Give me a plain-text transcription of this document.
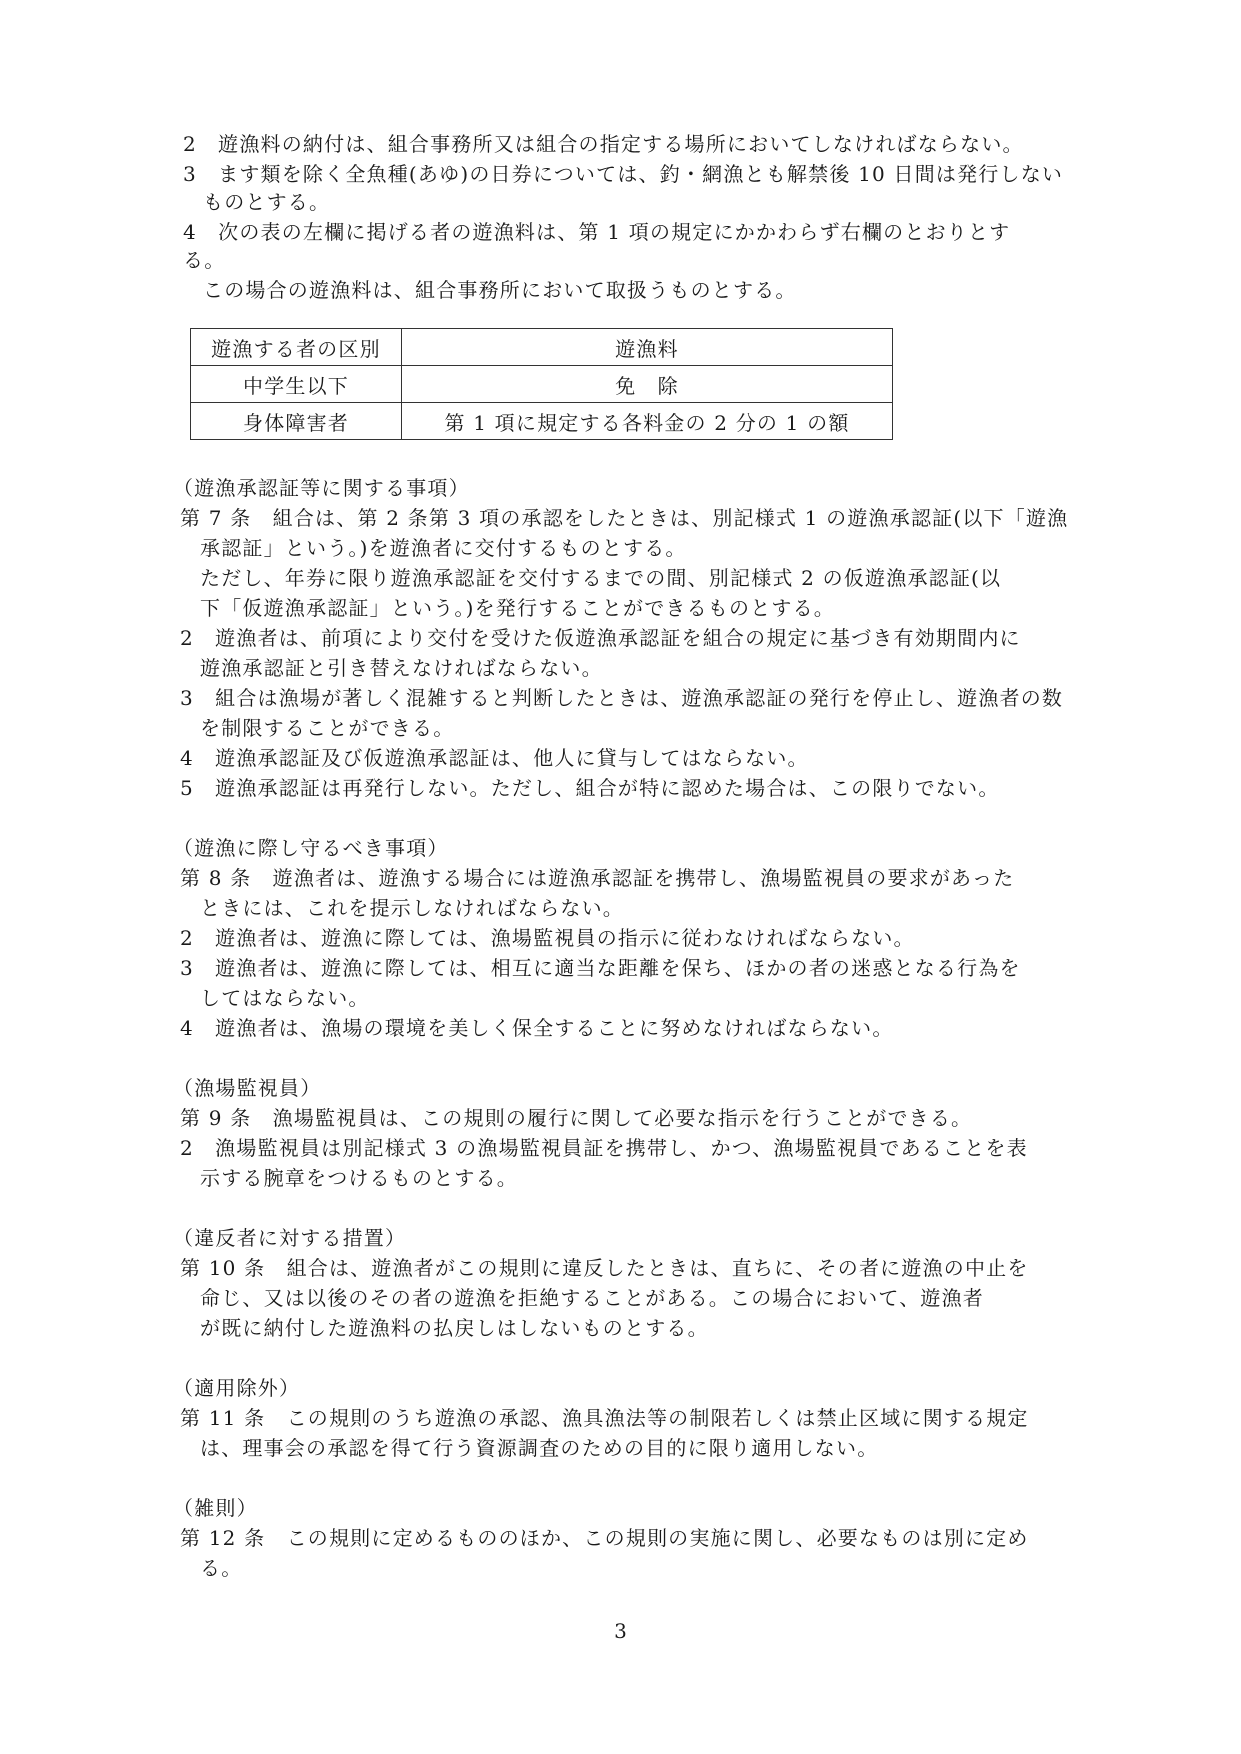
2　遊漁料の納付は、組合事務所又は組合の指定する場所においてしなければならない。
3　ます類を除く全魚種(あゆ)の日券については、釣・網漁とも解禁後 10 日間は発行しない
ものとする。
4　次の表の左欄に掲げる者の遊漁料は、第 1 項の規定にかかわらず右欄のとおりとす
る。
この場合の遊漁料は、組合事務所において取扱うものとする。
遊漁する者の区別	遊漁料
中学生以下	免　除
身体障害者	第 1 項に規定する各料金の 2 分の 1 の額
（遊漁承認証等に関する事項）
第 7 条　組合は、第 2 条第 3 項の承認をしたときは、別記様式 1 の遊漁承認証(以下「遊漁
承認証」という。)を遊漁者に交付するものとする。
ただし、年券に限り遊漁承認証を交付するまでの間、別記様式 2 の仮遊漁承認証(以
下「仮遊漁承認証」という。)を発行することができるものとする。
2　遊漁者は、前項により交付を受けた仮遊漁承認証を組合の規定に基づき有効期間内に
遊漁承認証と引き替えなければならない。
3　組合は漁場が著しく混雑すると判断したときは、遊漁承認証の発行を停止し、遊漁者の数
を制限することができる。
4　遊漁承認証及び仮遊漁承認証は、他人に貸与してはならない。
5　遊漁承認証は再発行しない。ただし、組合が特に認めた場合は、この限りでない。
（遊漁に際し守るべき事項）
第 8 条　遊漁者は、遊漁する場合には遊漁承認証を携帯し、漁場監視員の要求があった
ときには、これを提示しなければならない。
2　遊漁者は、遊漁に際しては、漁場監視員の指示に従わなければならない。
3　遊漁者は、遊漁に際しては、相互に適当な距離を保ち、ほかの者の迷惑となる行為を
してはならない。
4　遊漁者は、漁場の環境を美しく保全することに努めなければならない。
（漁場監視員）
第 9 条　漁場監視員は、この規則の履行に関して必要な指示を行うことができる。
2　漁場監視員は別記様式 3 の漁場監視員証を携帯し、かつ、漁場監視員であることを表
示する腕章をつけるものとする。
（違反者に対する措置）
第 10 条　組合は、遊漁者がこの規則に違反したときは、直ちに、その者に遊漁の中止を
命じ、又は以後のその者の遊漁を拒絶することがある。この場合において、遊漁者
が既に納付した遊漁料の払戻しはしないものとする。
（適用除外）
第 11 条　この規則のうち遊漁の承認、漁具漁法等の制限若しくは禁止区域に関する規定
は、理事会の承認を得て行う資源調査のための目的に限り適用しない。
（雑則）
第 12 条　この規則に定めるもののほか、この規則の実施に関し、必要なものは別に定め
る。
3
